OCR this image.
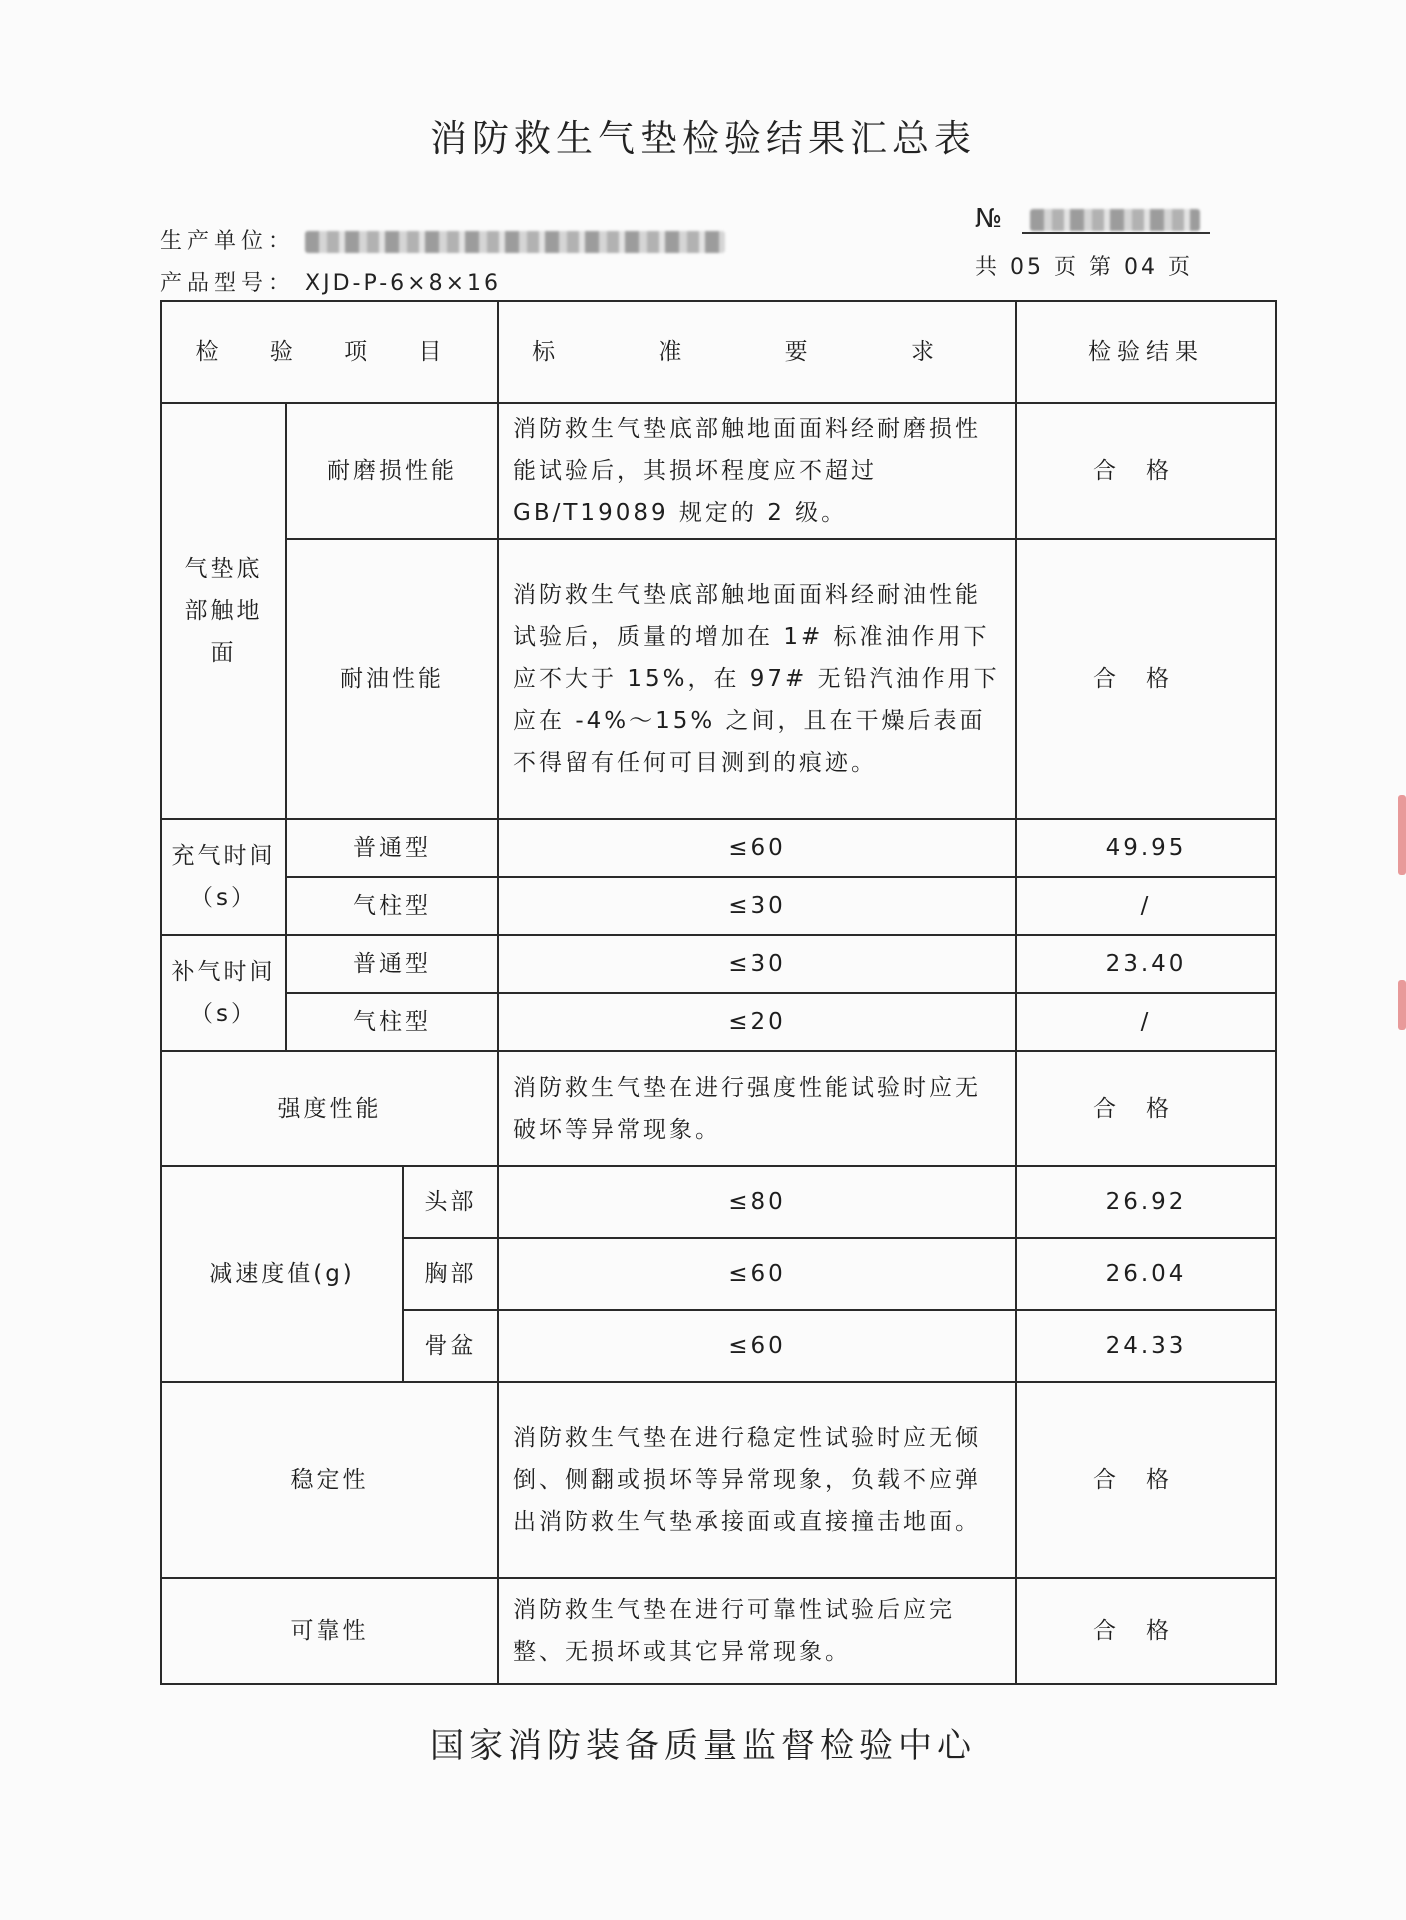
消防救生气垫检验结果汇总表
生产单位：
产品型号： XJD-P-6×8×16
№
共 05 页 第 04 页
检 验 项 目			标 准 要 求	检验结果

气垫底部触地面	耐磨损性能		消防救生气垫底部触地面面料经耐磨损性能试验后，其损坏程度应不超过 GB/T19089 规定的 2 级。	合格
	耐油性能		消防救生气垫底部触地面面料经耐油性能试验后，质量的增加在 1# 标准油作用下应不大于 15%，在 97# 无铅汽油作用下应在 -4%～15% 之间，且在干燥后表面不得留有任何可目测到的痕迹。	合格

充气时间
（s）	普通型		≤60	49.95
	气柱型		≤30	/

补气时间
（s）	普通型		≤30	23.40
	气柱型		≤20	/
强度性能			消防救生气垫在进行强度性能试验时应无破坏等异常现象。	合格
减速度值(g)		头部	≤80	26.92
		胸部	≤60	26.04
		骨盆	≤60	24.33
稳定性			消防救生气垫在进行稳定性试验时应无倾倒、侧翻或损坏等异常现象，负载不应弹出消防救生气垫承接面或直接撞击地面。	合格
可靠性			消防救生气垫在进行可靠性试验后应完整、无损坏或其它异常现象。	合格
国家消防装备质量监督检验中心
